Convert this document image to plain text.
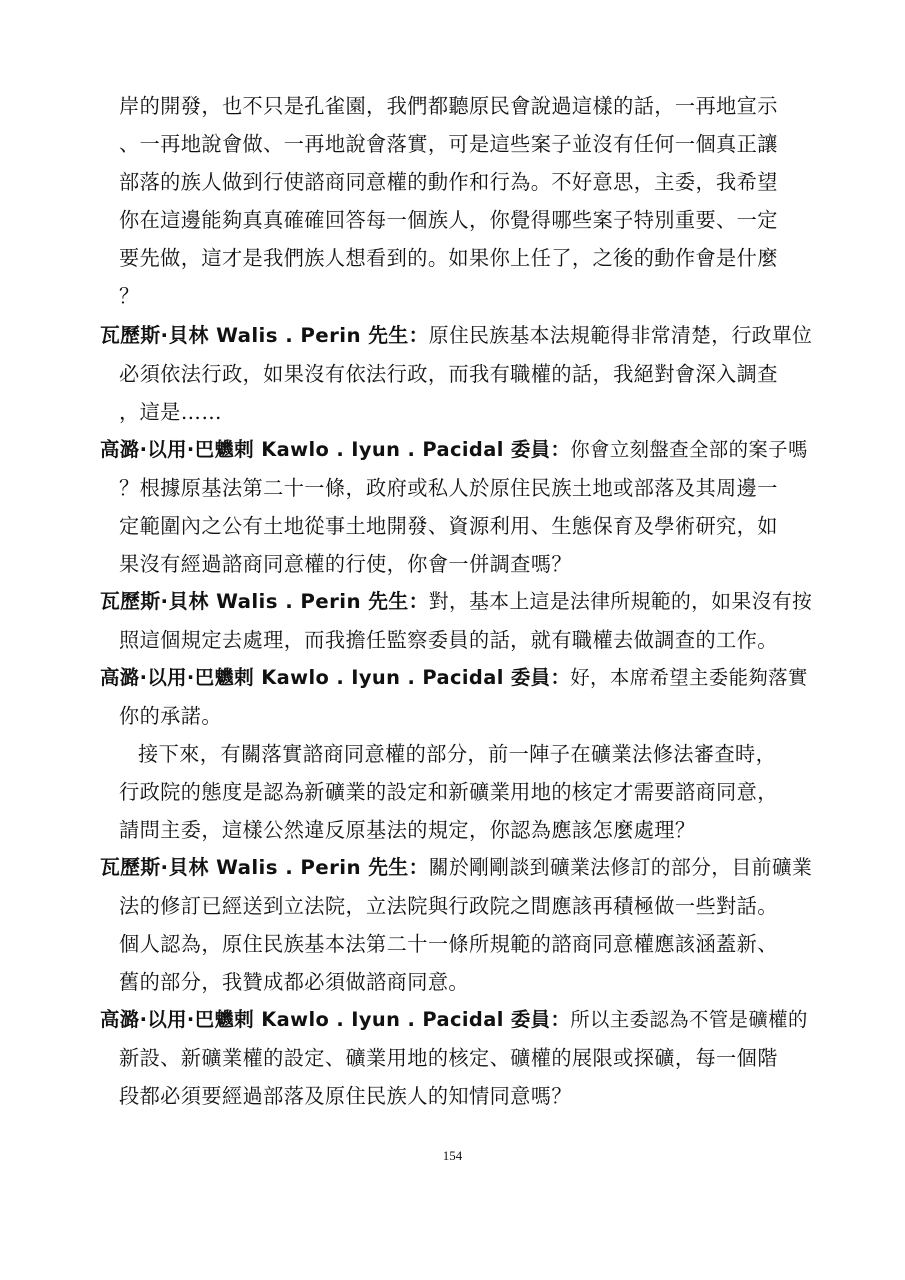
岸的開發，也不只是孔雀園，我們都聽原民會說過這樣的話，一再地宣示
、一再地說會做、一再地說會落實，可是這些案子並沒有任何一個真正讓
部落的族人做到行使諮商同意權的動作和行為。不好意思，主委，我希望
你在這邊能夠真真確確回答每一個族人，你覺得哪些案子特別重要、一定
要先做，這才是我們族人想看到的。如果你上任了，之後的動作會是什麼
？
瓦歷斯·貝林 Walis . Perin 先生：原住民族基本法規範得非常清楚，行政單位
必須依法行政，如果沒有依法行政，而我有職權的話，我絕對會深入調查
，這是……
高潞·以用·巴魕剌 Kawlo . Iyun . Pacidal 委員：你會立刻盤查全部的案子嗎
？根據原基法第二十一條，政府或私人於原住民族土地或部落及其周邊一
定範圍內之公有土地從事土地開發、資源利用、生態保育及學術研究，如
果沒有經過諮商同意權的行使，你會一併調查嗎？
瓦歷斯·貝林 Walis . Perin 先生：對，基本上這是法律所規範的，如果沒有按
照這個規定去處理，而我擔任監察委員的話，就有職權去做調查的工作。
高潞·以用·巴魕剌 Kawlo . Iyun . Pacidal 委員：好，本席希望主委能夠落實
你的承諾。
接下來，有關落實諮商同意權的部分，前一陣子在礦業法修法審查時，
行政院的態度是認為新礦業的設定和新礦業用地的核定才需要諮商同意，
請問主委，這樣公然違反原基法的規定，你認為應該怎麼處理？
瓦歷斯·貝林 Walis . Perin 先生：關於剛剛談到礦業法修訂的部分，目前礦業
法的修訂已經送到立法院，立法院與行政院之間應該再積極做一些對話。
個人認為，原住民族基本法第二十一條所規範的諮商同意權應該涵蓋新、
舊的部分，我贊成都必須做諮商同意。
高潞·以用·巴魕剌 Kawlo . Iyun . Pacidal 委員：所以主委認為不管是礦權的
新設、新礦業權的設定、礦業用地的核定、礦權的展限或探礦，每一個階
段都必須要經過部落及原住民族人的知情同意嗎？
154
